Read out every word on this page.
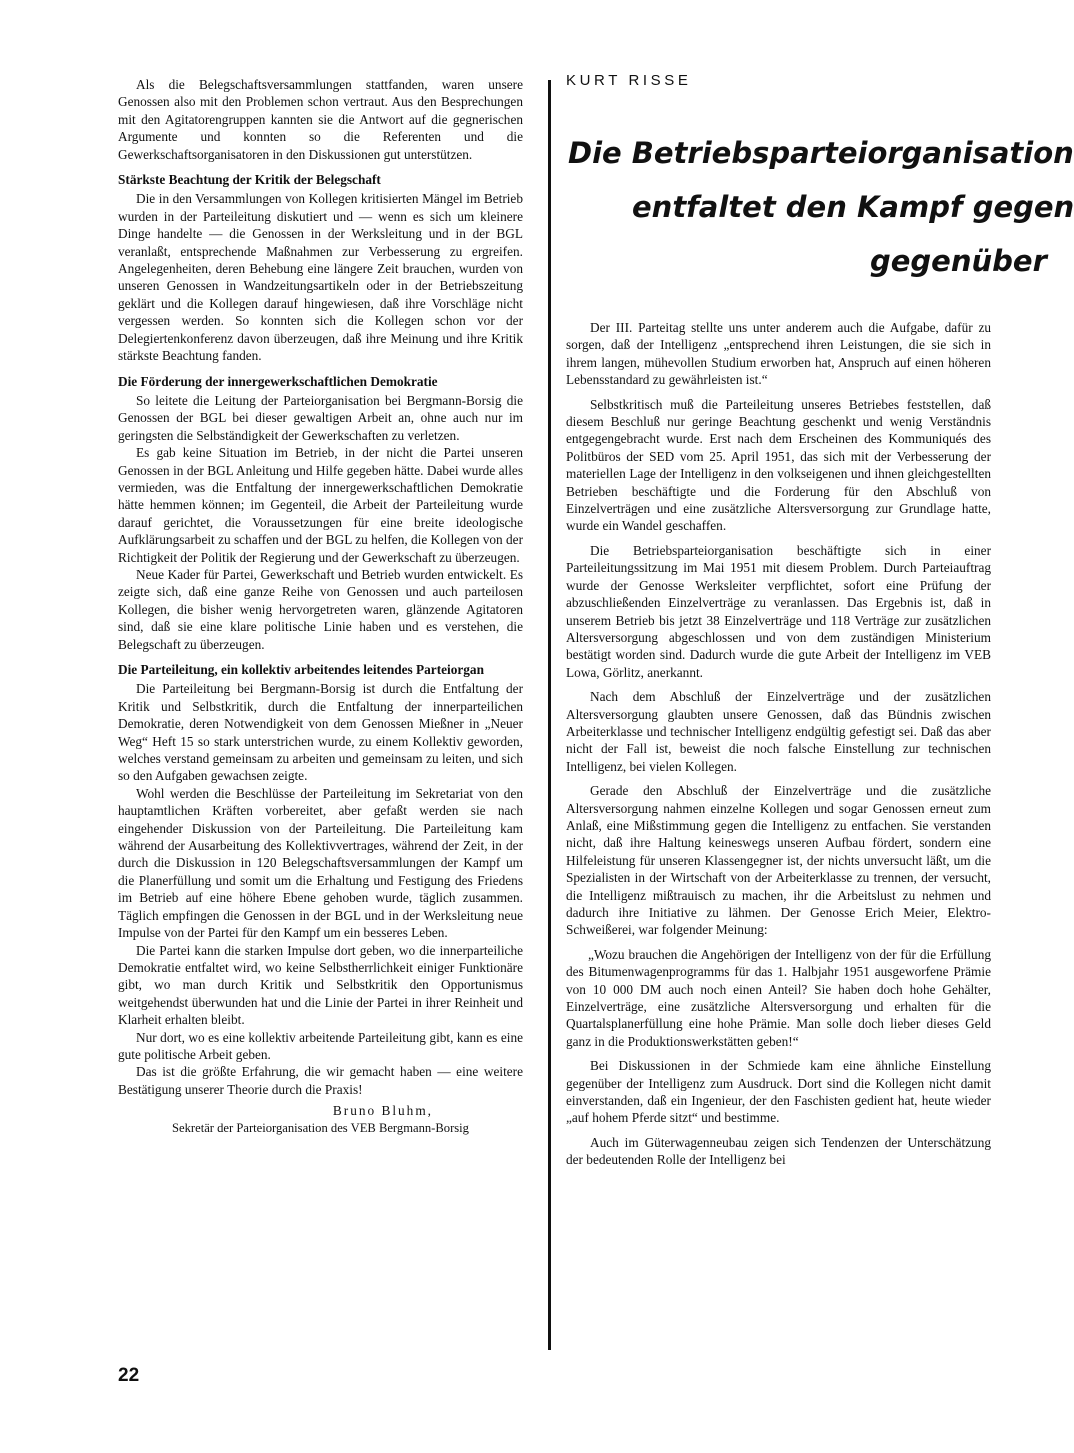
Als die Belegschaftsversammlungen stattfanden, waren unsere Genossen also mit den Problemen schon vertraut. Aus den Besprechungen mit den Agitatorengruppen kannten sie die Antwort auf die gegnerischen Argumente und konnten so die Referenten und die Gewerkschaftsorganisatoren in den Diskussionen gut unterstützen.

Stärkste Beachtung der Kritik der Belegschaft

Die in den Versammlungen von Kollegen kritisierten Mängel im Betrieb wurden in der Parteileitung diskutiert und — wenn es sich um kleinere Dinge handelte — die Genossen in der Werksleitung und in der BGL veranlaßt, entsprechende Maßnahmen zur Verbesserung zu ergreifen. Angelegenheiten, deren Behebung eine längere Zeit brauchen, wurden von unseren Genossen in Wandzeitungsartikeln oder in der Betriebszeitung geklärt und die Kollegen darauf hingewiesen, daß ihre Vorschläge nicht vergessen werden. So konnten sich die Kollegen schon vor der Delegiertenkonferenz davon überzeugen, daß ihre Meinung und ihre Kritik stärkste Beachtung fanden.

Die Förderung der innergewerkschaftlichen Demokratie

So leitete die Leitung der Parteiorganisation bei Bergmann-Borsig die Genossen der BGL bei dieser gewaltigen Arbeit an, ohne auch nur im geringsten die Selbständigkeit der Gewerkschaften zu verletzen.

Es gab keine Situation im Betrieb, in der nicht die Partei unseren Genossen in der BGL Anleitung und Hilfe gegeben hätte. Dabei wurde alles vermieden, was die Entfaltung der innergewerkschaftlichen Demokratie hätte hemmen können; im Gegenteil, die Arbeit der Parteileitung wurde darauf gerichtet, die Voraussetzungen für eine breite ideologische Aufklärungsarbeit zu schaffen und der BGL zu helfen, die Kollegen von der Richtigkeit der Politik der Regierung und der Gewerkschaft zu überzeugen.

Neue Kader für Partei, Gewerkschaft und Betrieb wurden entwickelt. Es zeigte sich, daß eine ganze Reihe von Genossen und auch parteilosen Kollegen, die bisher wenig hervorgetreten waren, glänzende Agitatoren sind, daß sie eine klare politische Linie haben und es verstehen, die Belegschaft zu überzeugen.

Die Parteileitung, ein kollektiv arbeitendes leitendes Parteiorgan

Die Parteileitung bei Bergmann-Borsig ist durch die Entfaltung der Kritik und Selbstkritik, durch die Entfaltung der innerparteilichen Demokratie, deren Notwendigkeit von dem Genossen Mießner in „Neuer Weg“ Heft 15 so stark unterstrichen wurde, zu einem Kollektiv geworden, welches verstand gemeinsam zu arbeiten und gemeinsam zu leiten, und sich so den Aufgaben gewachsen zeigte.

Wohl werden die Beschlüsse der Parteileitung im Sekretariat von den hauptamtlichen Kräften vorbereitet, aber gefaßt werden sie nach eingehender Diskussion von der Parteileitung. Die Parteileitung kam während der Ausarbeitung des Kollektivvertrages, während der Zeit, in der durch die Diskussion in 120 Belegschaftsversammlungen der Kampf um die Planerfüllung und somit um die Erhaltung und Festigung des Friedens im Betrieb auf eine höhere Ebene gehoben wurde, täglich zusammen. Täglich empfingen die Genossen in der BGL und in der Werksleitung neue Impulse von der Partei für den Kampf um ein besseres Leben.

Die Partei kann die starken Impulse dort geben, wo die innerparteiliche Demokratie entfaltet wird, wo keine Selbstherrlichkeit einiger Funktionäre gibt, wo man durch Kritik und Selbstkritik den Opportunismus weitgehendst überwunden hat und die Linie der Partei in ihrer Reinheit und Klarheit erhalten bleibt.

Nur dort, wo es eine kollektiv arbeitende Parteileitung gibt, kann es eine gute politische Arbeit geben.

Das ist die größte Erfahrung, die wir gemacht haben — eine weitere Bestätigung unserer Theorie durch die Praxis!

Bruno Bluhm,
Sekretär der Parteiorganisation des VEB Bergmann-Borsig
KURT RISSE
Die Betriebsparteiorganisation
entfaltet den Kampf gegen
gegenüber

Der III. Parteitag stellte uns unter anderem auch die Aufgabe, dafür zu sorgen, daß der Intelligenz „entsprechend ihren Leistungen, die sie sich in ihrem langen, mühevollen Studium erworben hat, Anspruch auf einen höheren Lebensstandard zu gewährleisten ist.“

Selbstkritisch muß die Parteileitung unseres Betriebes feststellen, daß diesem Beschluß nur geringe Beachtung geschenkt und wenig Verständnis entgegengebracht wurde. Erst nach dem Erscheinen des Kommuniqués des Politbüros der SED vom 25. April 1951, das sich mit der Verbesserung der materiellen Lage der Intelligenz in den volkseigenen und ihnen gleichgestellten Betrieben beschäftigte und die Forderung für den Abschluß von Einzelverträgen und eine zusätzliche Altersversorgung zur Grundlage hatte, wurde ein Wandel geschaffen.

Die Betriebsparteiorganisation beschäftigte sich in einer Parteileitungssitzung im Mai 1951 mit diesem Problem. Durch Parteiauftrag wurde der Genosse Werksleiter verpflichtet, sofort eine Prüfung der abzuschließenden Einzelverträge zu veranlassen. Das Ergebnis ist, daß in unserem Betrieb bis jetzt 38 Einzelverträge und 118 Verträge zur zusätzlichen Altersversorgung abgeschlossen und von dem zuständigen Ministerium bestätigt worden sind. Dadurch wurde die gute Arbeit der Intelligenz im VEB Lowa, Görlitz, anerkannt.

Nach dem Abschluß der Einzelverträge und der zusätzlichen Altersversorgung glaubten unsere Genossen, daß das Bündnis zwischen Arbeiterklasse und technischer Intelligenz endgültig gefestigt sei. Daß das aber nicht der Fall ist, beweist die noch falsche Einstellung zur technischen Intelligenz, bei vielen Kollegen.

Gerade den Abschluß der Einzelverträge und die zusätzliche Altersversorgung nahmen einzelne Kollegen und sogar Genossen erneut zum Anlaß, eine Mißstimmung gegen die Intelligenz zu entfachen. Sie verstanden nicht, daß ihre Haltung keineswegs unseren Aufbau fördert, sondern eine Hilfeleistung für unseren Klassengegner ist, der nichts unversucht läßt, um die Spezialisten in der Wirtschaft von der Arbeiterklasse zu trennen, der versucht, die Intelligenz mißtrauisch zu machen, ihr die Arbeitslust zu nehmen und dadurch ihre Initiative zu lähmen. Der Genosse Erich Meier, Elektro-Schweißerei, war folgender Meinung:

„Wozu brauchen die Angehörigen der Intelligenz von der für die Erfüllung des Bitumenwagenprogramms für das 1. Halbjahr 1951 ausgeworfene Prämie von 10 000 DM auch noch einen Anteil? Sie haben doch hohe Gehälter, Einzelverträge, eine zusätzliche Altersversorgung und erhalten für die Quartalsplanerfüllung eine hohe Prämie. Man solle doch lieber dieses Geld ganz in die Produktionswerkstätten geben!“

Bei Diskussionen in der Schmiede kam eine ähnliche Einstellung gegenüber der Intelligenz zum Ausdruck. Dort sind die Kollegen nicht damit einverstanden, daß ein Ingenieur, der den Faschisten gedient hat, heute wieder „auf hohem Pferde sitzt“ und bestimme.

Auch im Güterwagenneubau zeigen sich Tendenzen der Unterschätzung der bedeutenden Rolle der Intelligenz bei

22
